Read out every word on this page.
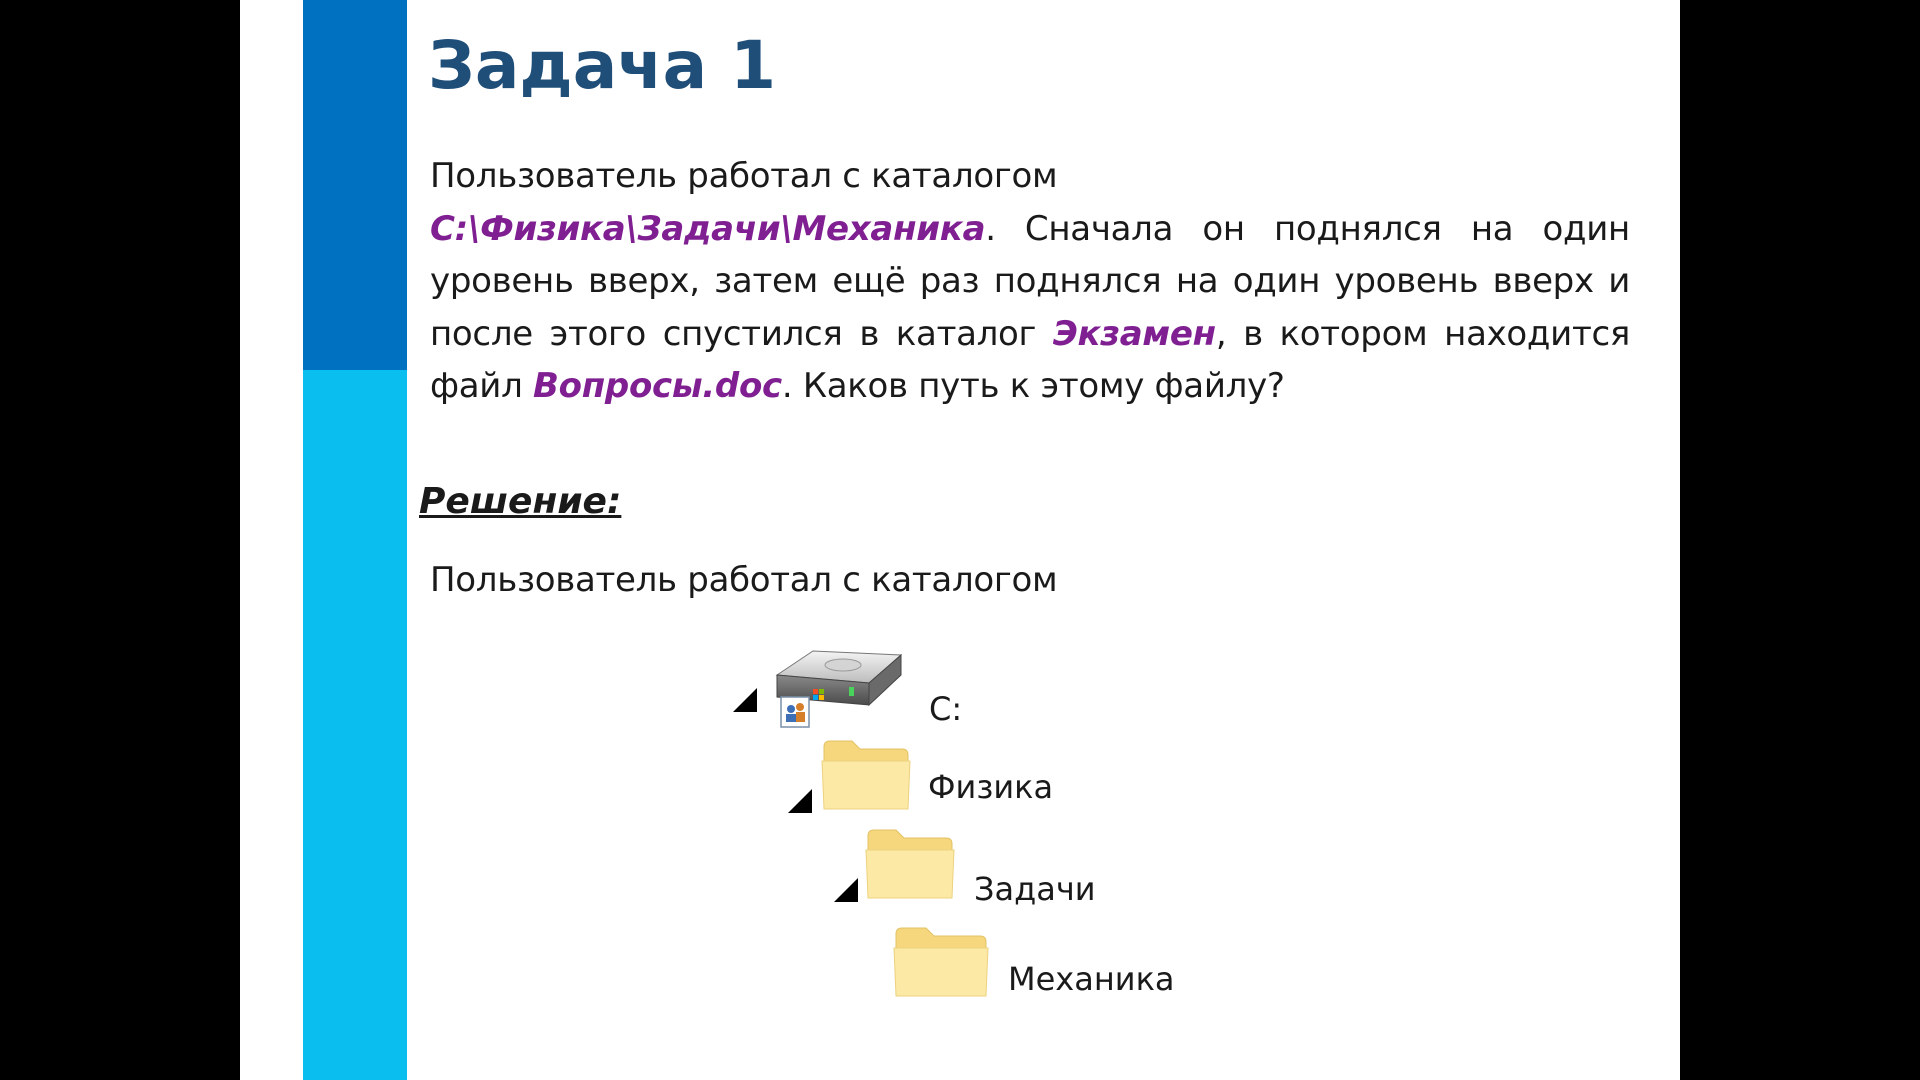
Задача 1

Пользователь работал с каталогом
C:\Физика\Задачи\Механика. Сначала он поднялся на один уровень вверх, затем ещё раз поднялся на один уровень вверх и после этого спустился в каталог Экзамен, в котором находится файл Вопросы.doc. Каков путь к этому файлу?

Решение:

Пользователь работал с каталогом

C:
Физика
Задачи
Механика
